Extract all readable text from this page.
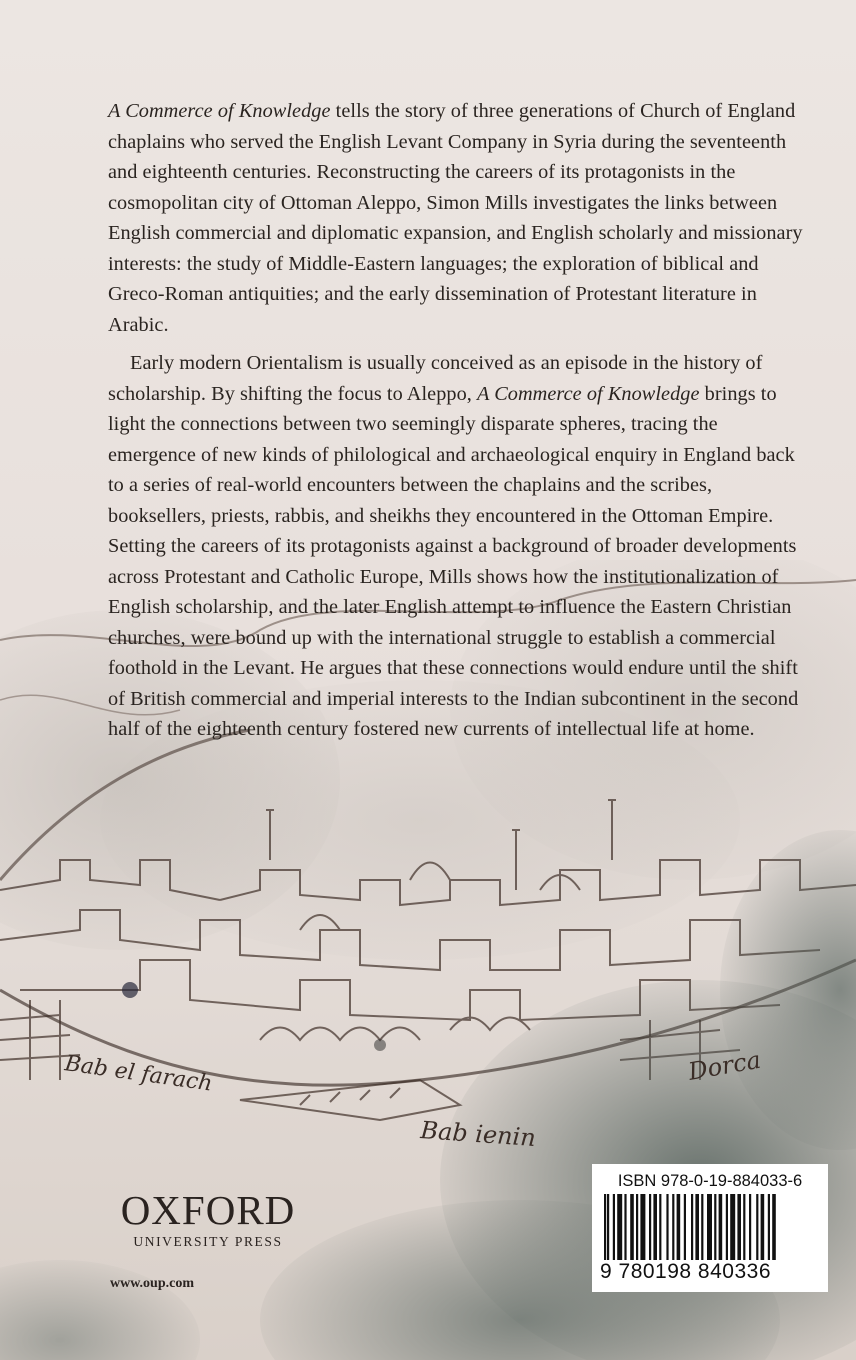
Bab el farach
Bab ienin
Dorca

A Commerce of Knowledge tells the story of three generations of Church of England chaplains who served the English Levant Company in Syria during the seventeenth and eighteenth centuries. Reconstructing the careers of its protagonists in the cosmopolitan city of Ottoman Aleppo, Simon Mills investigates the links between English commercial and diplomatic expansion, and English scholarly and missionary interests: the study of Middle-Eastern languages; the exploration of biblical and Greco-Roman antiquities; and the early dissemination of Protestant literature in Arabic.

Early modern Orientalism is usually conceived as an episode in the history of scholarship. By shifting the focus to Aleppo, A Commerce of Knowledge brings to light the connections between two seemingly disparate spheres, tracing the emergence of new kinds of philological and archaeological enquiry in England back to a series of real-world encounters between the chaplains and the scribes, booksellers, priests, rabbis, and sheikhs they encountered in the Ottoman Empire. Setting the careers of its protagonists against a background of broader developments across Protestant and Catholic Europe, Mills shows how the institutionalization of English scholarship, and the later English attempt to influence the Eastern Christian churches, were bound up with the international struggle to establish a commercial foothold in the Levant. He argues that these connections would endure until the shift of British commercial and imperial interests to the Indian subcontinent in the second half of the eighteenth century fostered new currents of intellectual life at home.

OXFORD
UNIVERSITY PRESS
www.oup.com
ISBN 978-0-19-884033-6
9 780198 840336
